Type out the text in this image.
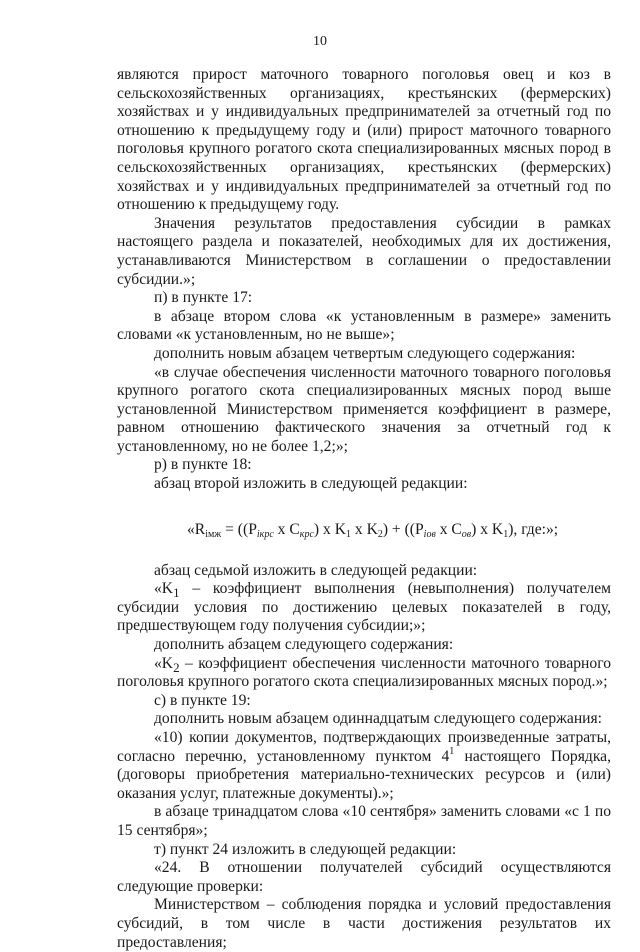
10

являются прирост маточного товарного поголовья овец и коз в сельскохозяйственных организациях, крестьянских (фермерских) хозяйствах и у индивидуальных предпринимателей за отчетный год по отношению к предыдущему году и (или) прирост маточного товарного поголовья крупного рогатого скота специализированных мясных пород в сельскохозяйственных организациях, крестьянских (фермерских) хозяйствах и у индивидуальных предпринимателей за отчетный год по отношению к предыдущему году.

Значения результатов предоставления субсидии в рамках настоящего раздела и показателей, необходимых для их достижения, устанавливаются Министерством в соглашении о предоставлении субсидии.»;

п) в пункте 17:

в абзаце втором слова «к установленным в размере» заменить словами «к установленным, но не выше»;

дополнить новым абзацем четвертым следующего содержания:

«в случае обеспечения численности маточного товарного поголовья крупного рогатого скота специализированных мясных пород выше установленной Министерством применяется коэффициент в размере, равном отношению фактического значения за отчетный год к установленному, но не более 1,2;»;

р) в пункте 18:

абзац второй изложить в следующей редакции:

«$R_{iмж} = ((P_{iкрс}$ x $C_{крс}$) x $K_1$ x $K_2) + ((P_{iов}$ x $C_{ов}$) x $K_1$), где:»;

абзац седьмой изложить в следующей редакции:

«$K_1$ – коэффициент выполнения (невыполнения) получателем субсидии условия по достижению целевых показателей в году, предшествующем году получения субсидии;»;

дополнить абзацем следующего содержания:

«$K_2$ – коэффициент обеспечения численности маточного товарного поголовья крупного рогатого скота специализированных мясных пород.»;

с) в пункте 19:

дополнить новым абзацем одиннадцатым следующего содержания:

«10) копии документов, подтверждающих произведенные затраты, согласно перечню, установленному пунктом $4^1$ настоящего Порядка, (договоры приобретения материально-технических ресурсов и (или) оказания услуг, платежные документы).»;

в абзаце тринадцатом слова «10 сентября» заменить словами «с 1 по 15 сентября»;

т) пункт 24 изложить в следующей редакции:

«24. В отношении получателей субсидий осуществляются следующие проверки:

Министерством – соблюдения порядка и условий предоставления субсидий, в том числе в части достижения результатов их предоставления;
